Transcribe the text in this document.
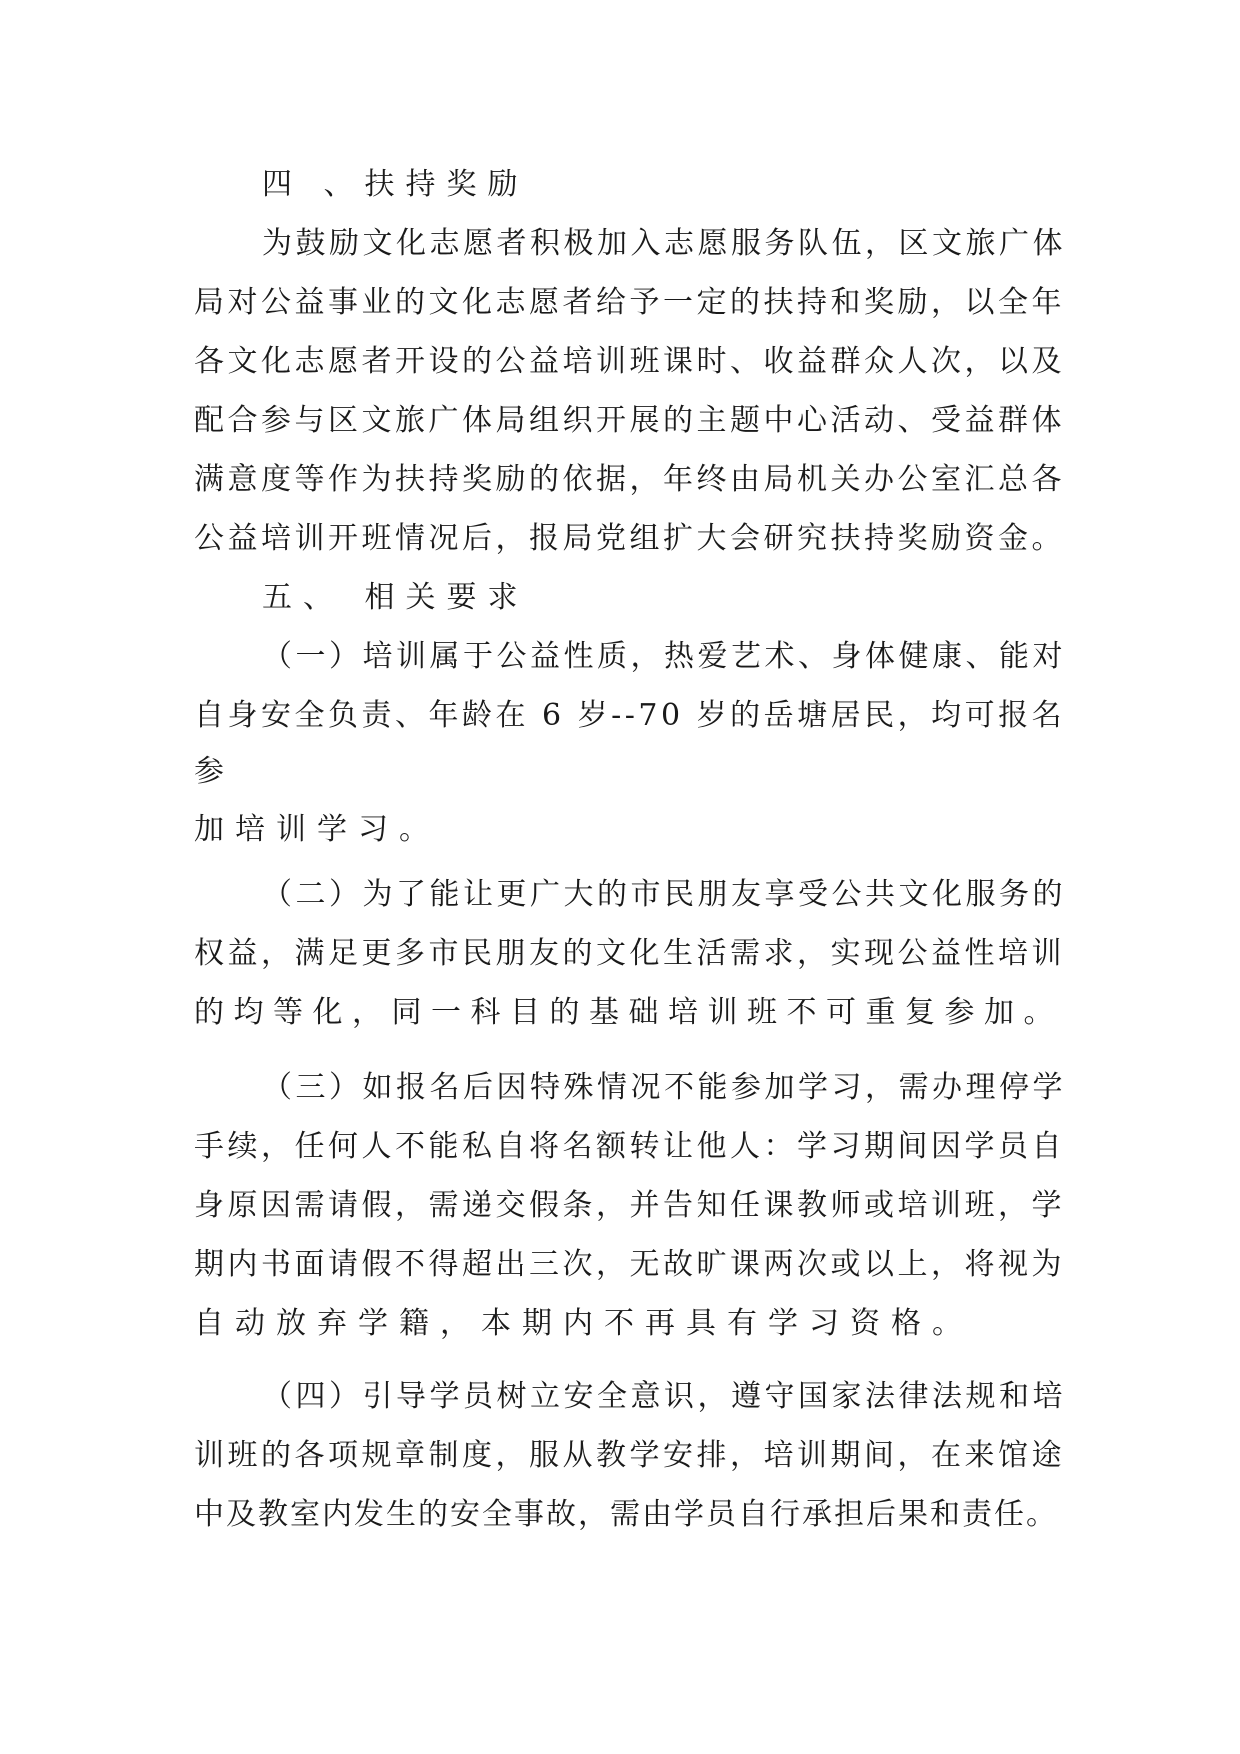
四 、扶持奖励
为鼓励文化志愿者积极加入志愿服务队伍，区文旅广体
局对公益事业的文化志愿者给予一定的扶持和奖励，以全年
各文化志愿者开设的公益培训班课时、收益群众人次，以及
配合参与区文旅广体局组织开展的主题中心活动、受益群体
满意度等作为扶持奖励的依据，年终由局机关办公室汇总各
公益培训开班情况后，报局党组扩大会研究扶持奖励资金。
五、 相关要求
（一）培训属于公益性质，热爱艺术、身体健康、能对
自身安全负责、年龄在 6 岁--70 岁的岳塘居民，均可报名
参
加培训学习。
（二）为了能让更广大的市民朋友享受公共文化服务的
权益，满足更多市民朋友的文化生活需求，实现公益性培训
的均等化，同一科目的基础培训班不可重复参加。
（三）如报名后因特殊情况不能参加学习，需办理停学
手续，任何人不能私自将名额转让他人：学习期间因学员自
身原因需请假，需递交假条，并告知任课教师或培训班，学
期内书面请假不得超出三次，无故旷课两次或以上，将视为
自动放弃学籍，本期内不再具有学习资格。
（四）引导学员树立安全意识，遵守国家法律法规和培
训班的各项规章制度，服从教学安排，培训期间，在来馆途
中及教室内发生的安全事故，需由学员自行承担后果和责任。
